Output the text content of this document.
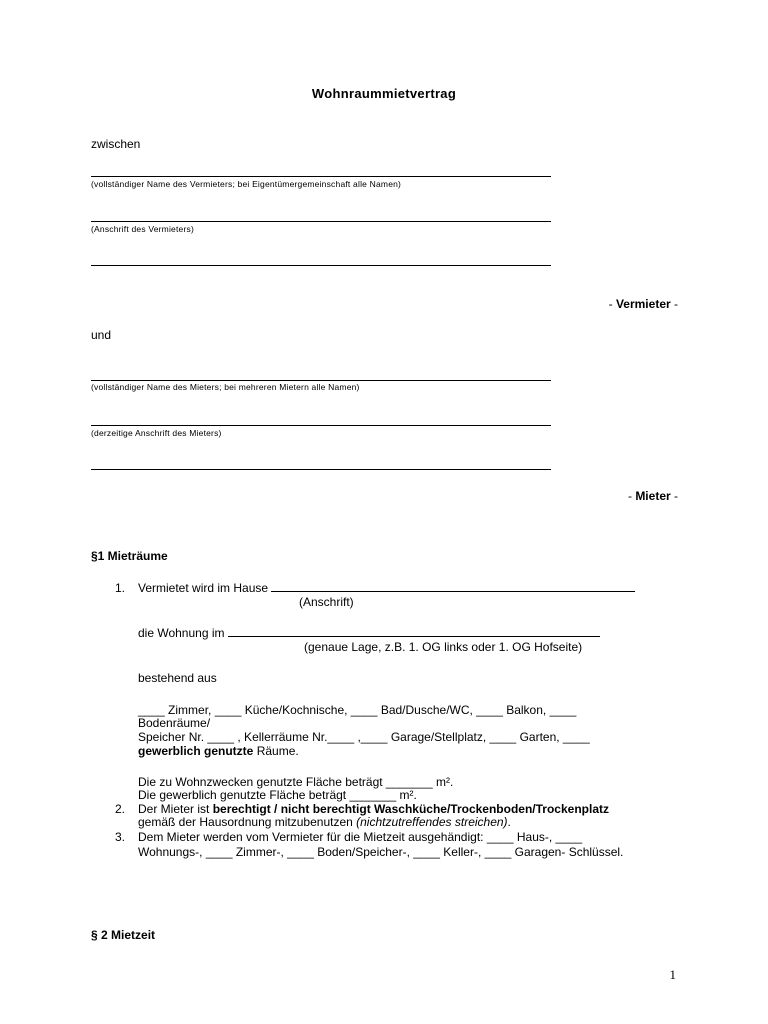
Wohnraummietvertrag
zwischen
(vollständiger Name des Vermieters; bei Eigentümergemeinschaft alle Namen)
(Anschrift des Vermieters)
- Vermieter -
und
(vollständiger Name des Mieters; bei mehreren Mietern alle Namen)
(derzeitige Anschrift des Mieters)
- Mieter -
§1 Mieträume
1. Vermietet wird im Hause
(Anschrift)
die Wohnung im
(genaue Lage, z.B. 1. OG links oder 1. OG Hofseite)
bestehend aus
____ Zimmer, ____ Küche/Kochnische, ____ Bad/Dusche/WC, ____ Balkon, ____
Bodenräume/
Speicher Nr. ____ , Kellerräume Nr.____ ,____ Garage/Stellplatz, ____ Garten, ____
gewerblich genutzte Räume.
Die zu Wohnzwecken genutzte Fläche beträgt _______ m².
Die gewerblich genutzte Fläche beträgt _______ m².
2. Der Mieter ist berechtigt / nicht berechtigt Waschküche/Trockenboden/Trockenplatz
gemäß der Hausordnung mitzubenutzen (nichtzutreffendes streichen).
3. Dem Mieter werden vom Vermieter für die Mietzeit ausgehändigt: ____ Haus-, ____
Wohnungs-, ____ Zimmer-, ____ Boden/Speicher-, ____ Keller-, ____ Garagen- Schlüssel.
§ 2 Mietzeit
1
